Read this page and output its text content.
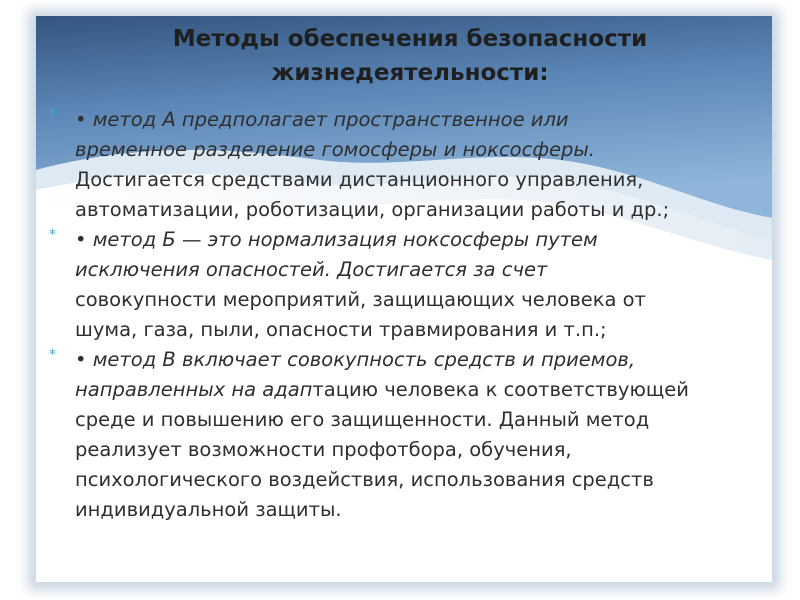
Методы обеспечения безопасности
жизнедеятельности:
* • метод А предполагает пространственное или
временное разделение гомосферы и ноксосферы.
Достигается средствами дистанционного управления,
автоматизации, роботизации, организации работы и др.;
* • метод Б — это нормализация ноксосферы путем
исключения опасностей. Достигается за счет
совокупности мероприятий, защищающих человека от
шума, газа, пыли, опасности травмирования и т.п.;
* • метод В включает совокупность средств и приемов,
направленных на адаптацию человека к соответствующей
среде и повышению его защищенности. Данный метод
реализует возможности профотбора, обучения,
психологического воздействия, использования средств
индивидуальной защиты.
